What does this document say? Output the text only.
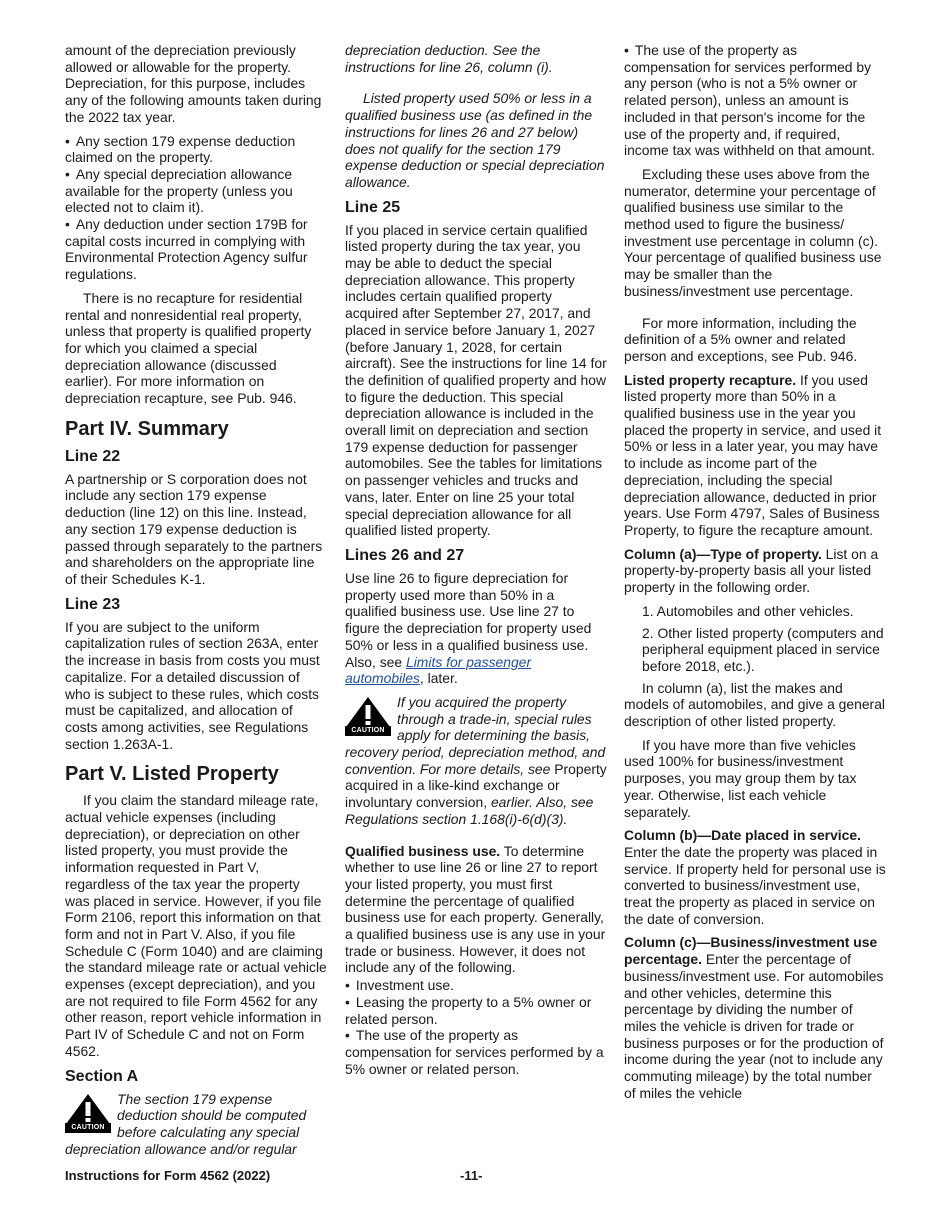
amount of the depreciation previously allowed or allowable for the property. Depreciation, for this purpose, includes any of the following amounts taken during the 2022 tax year.

• Any section 179 expense deduction claimed on the property.
• Any special depreciation allowance available for the property (unless you elected not to claim it).
• Any deduction under section 179B for capital costs incurred in complying with Environmental Protection Agency sulfur regulations.

There is no recapture for residential rental and nonresidential real property, unless that property is qualified property for which you claimed a special depreciation allowance (discussed earlier). For more information on depreciation recapture, see Pub. 946.

Part IV. Summary
Line 22

A partnership or S corporation does not include any section 179 expense deduction (line 12) on this line. Instead, any section 179 expense deduction is passed through separately to the partners and shareholders on the appropriate line of their Schedules K-1.

Line 23

If you are subject to the uniform capitalization rules of section 263A, enter the increase in basis from costs you must capitalize. For a detailed discussion of who is subject to these rules, which costs must be capitalized, and allocation of costs among activities, see Regulations section 1.263A-1.

Part V. Listed Property

If you claim the standard mileage rate, actual vehicle expenses (including depreciation), or depreciation on other listed property, you must provide the information requested in Part V, regardless of the tax year the property was placed in service. However, if you file Form 2106, report this information on that form and not in Part V. Also, if you file Schedule C (Form 1040) and are claiming the standard mileage rate or actual vehicle expenses (except depreciation), and you are not required to file Form 4562 for any other reason, report vehicle information in Part IV of Schedule C and not on Form 4562.

Section A
CAUTION
The section 179 expense deduction should be computed before calculating any special depreciation allowance and/or regular

depreciation deduction. See the instructions for line 26, column (i).

Listed property used 50% or less in a qualified business use (as defined in the instructions for lines 26 and 27 below) does not qualify for the section 179 expense deduction or special depreciation allowance.

Line 25

If you placed in service certain qualified listed property during the tax year, you may be able to deduct the special depreciation allowance. This property includes certain qualified property acquired after September 27, 2017, and placed in service before January 1, 2027 (before January 1, 2028, for certain aircraft). See the instructions for line 14 for the definition of qualified property and how to figure the deduction. This special depreciation allowance is included in the overall limit on depreciation and section 179 expense deduction for passenger automobiles. See the tables for limitations on passenger vehicles and trucks and vans, later. Enter on line 25 your total special depreciation allowance for all qualified listed property.

Lines 26 and 27

Use line 26 to figure depreciation for property used more than 50% in a qualified business use. Use line 27 to figure the depreciation for property used 50% or less in a qualified business use. Also, see Limits for passenger automobiles, later.

CAUTION
If you acquired the property through a trade-in, special rules apply for determining the basis, recovery period, depreciation method, and convention. For more details, see Property acquired in a like-kind exchange or involuntary conversion, earlier. Also, see Regulations section 1.168(i)-6(d)(3).

Qualified business use. To determine whether to use line 26 or line 27 to report your listed property, you must first determine the percentage of qualified business use for each property. Generally, a qualified business use is any use in your trade or business. However, it does not include any of the following.

• Investment use.
• Leasing the property to a 5% owner or related person.
• The use of the property as compensation for services performed by a 5% owner or related person.
• The use of the property as compensation for services performed by any person (who is not a 5% owner or related person), unless an amount is included in that person's income for the use of the property and, if required, income tax was withheld on that amount.

Excluding these uses above from the numerator, determine your percentage of qualified business use similar to the method used to figure the business/ investment use percentage in column (c). Your percentage of qualified business use may be smaller than the business/investment use percentage.

For more information, including the definition of a 5% owner and related person and exceptions, see Pub. 946.

Listed property recapture. If you used listed property more than 50% in a qualified business use in the year you placed the property in service, and used it 50% or less in a later year, you may have to include as income part of the depreciation, including the special depreciation allowance, deducted in prior years. Use Form 4797, Sales of Business Property, to figure the recapture amount.

Column (a)—Type of property. List on a property-by-property basis all your listed property in the following order.

1. Automobiles and other vehicles.
2. Other listed property (computers and peripheral equipment placed in service before 2018, etc.).

In column (a), list the makes and models of automobiles, and give a general description of other listed property.

If you have more than five vehicles used 100% for business/investment purposes, you may group them by tax year. Otherwise, list each vehicle separately.

Column (b)—Date placed in service. Enter the date the property was placed in service. If property held for personal use is converted to business/investment use, treat the property as placed in service on the date of conversion.

Column (c)—Business/investment use percentage. Enter the percentage of business/investment use. For automobiles and other vehicles, determine this percentage by dividing the number of miles the vehicle is driven for trade or business purposes or for the production of income during the year (not to include any commuting mileage) by the total number of miles the vehicle

Instructions for Form 4562 (2022)	-11-
